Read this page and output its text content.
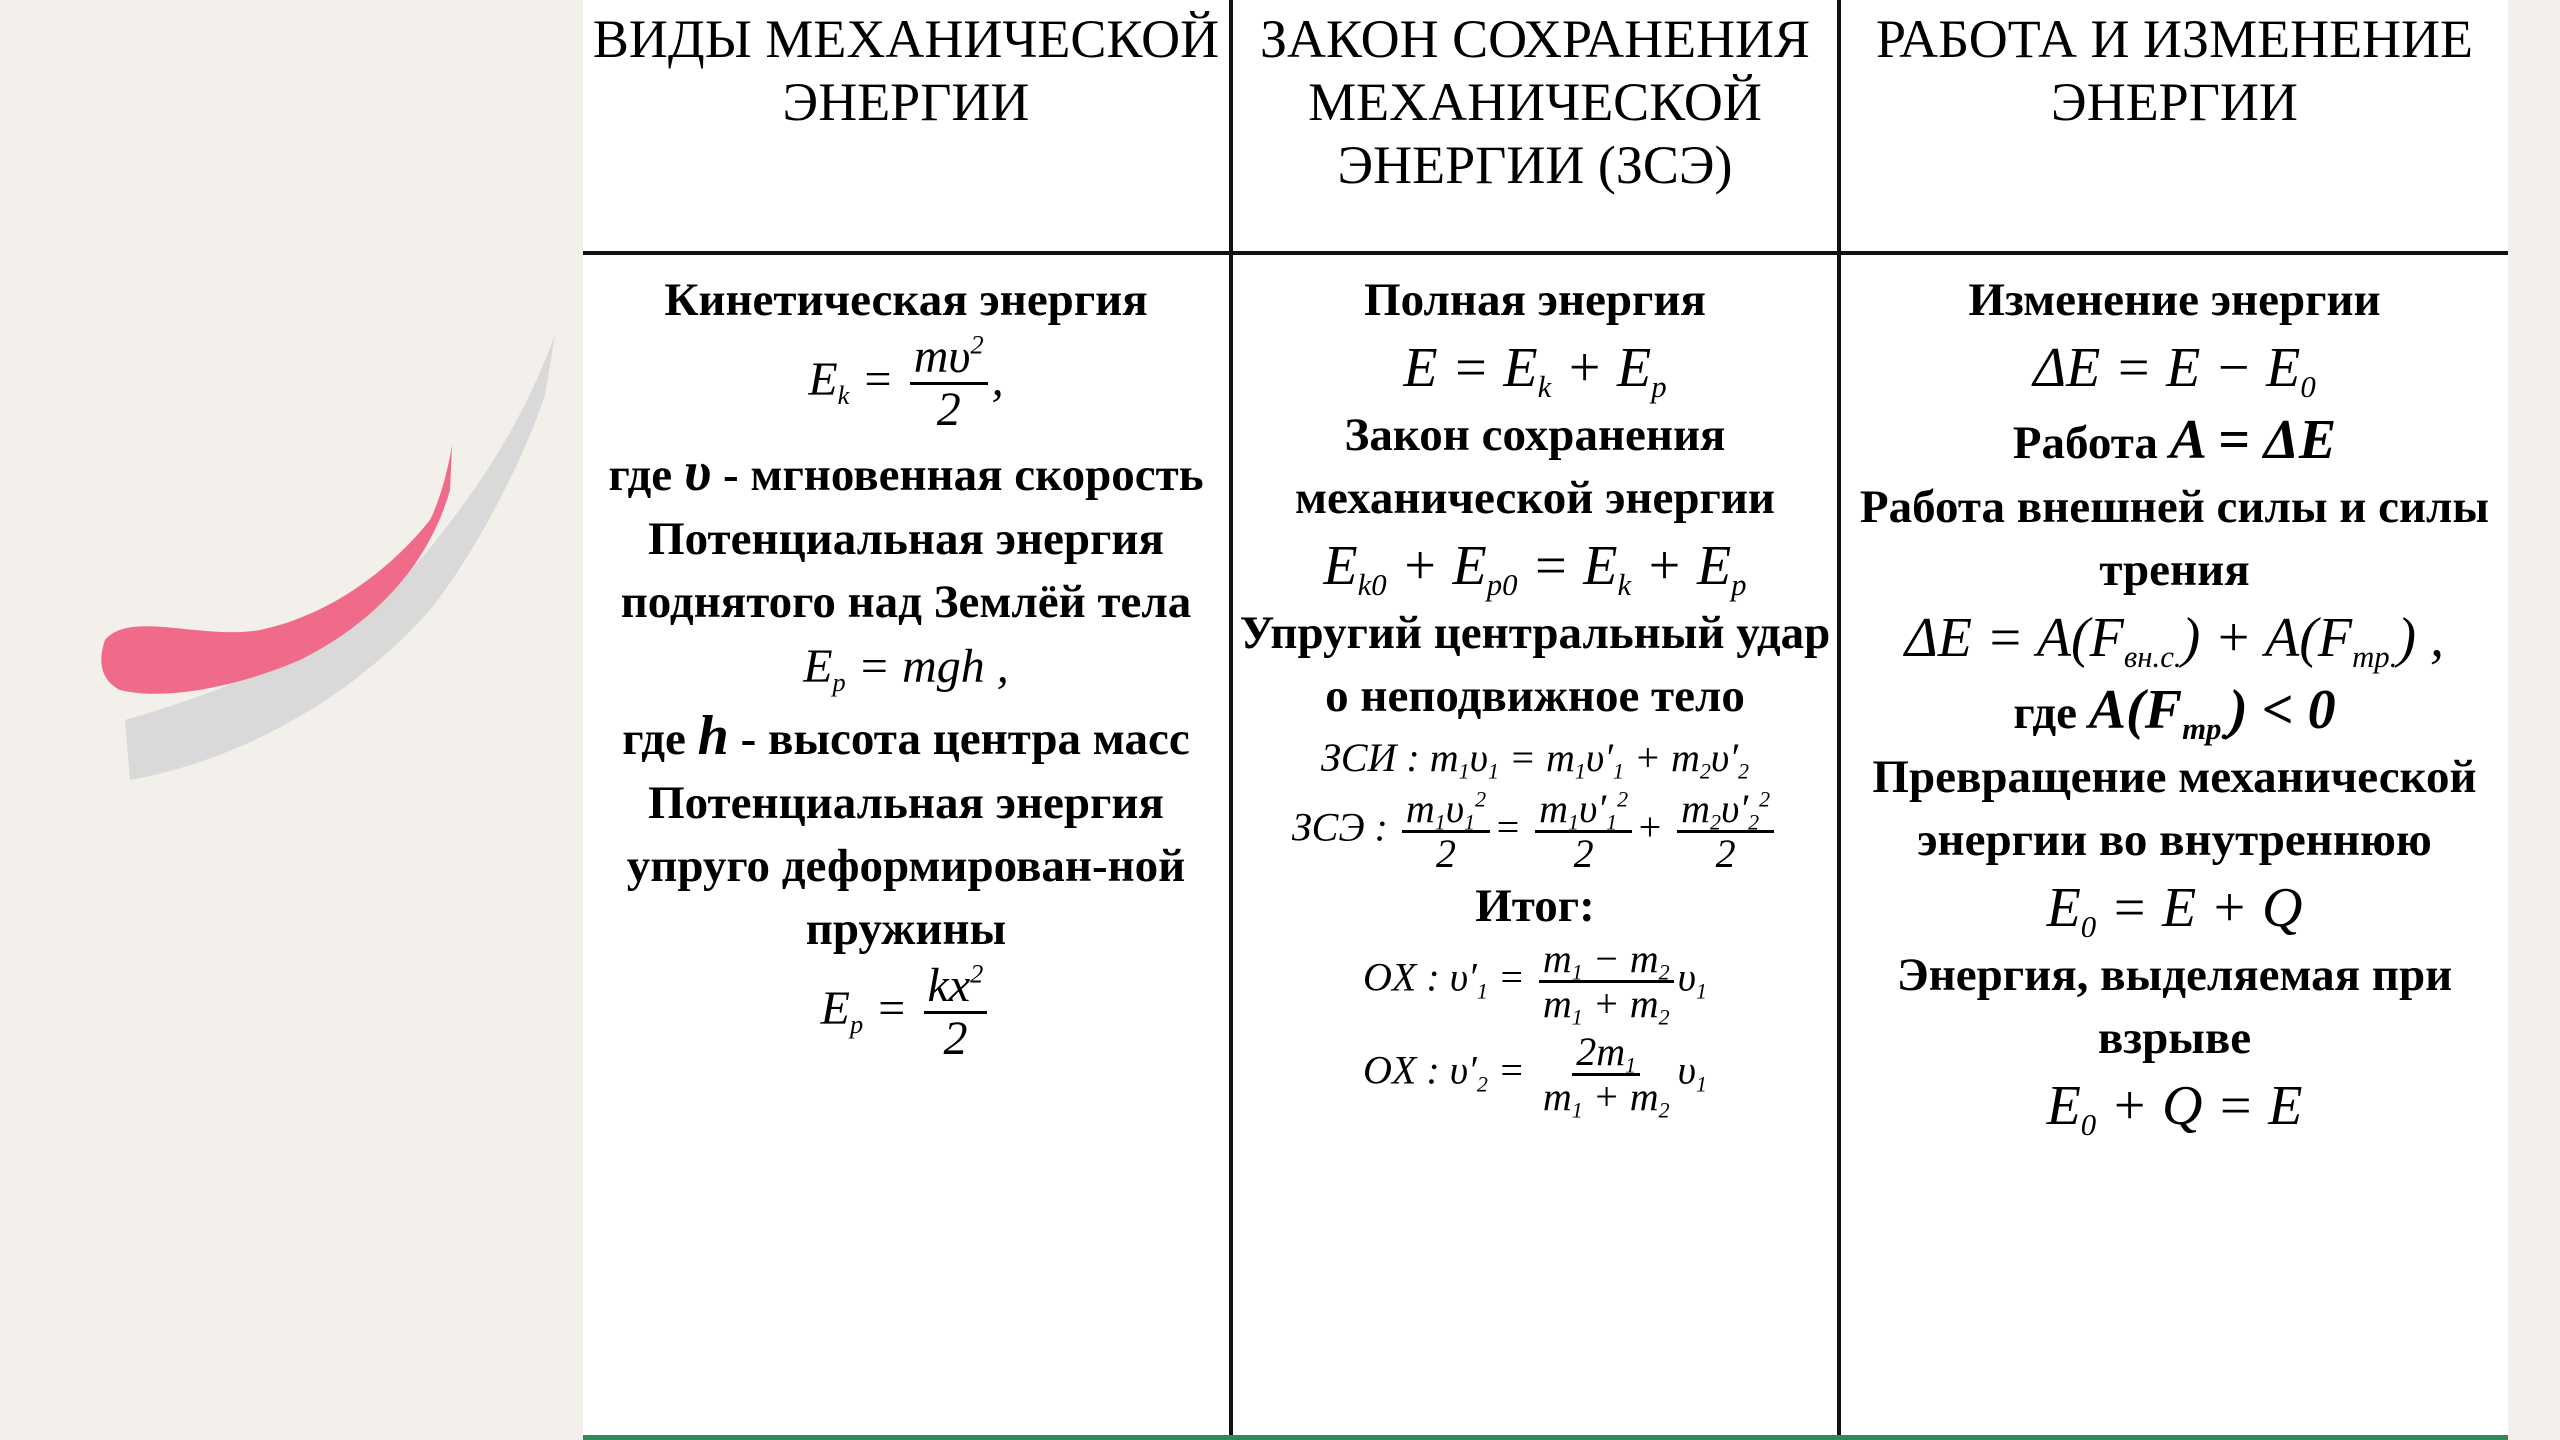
ВИДЫ МЕХАНИЧЕСКОЙ ЭНЕРГИИ
Кинетическая энергия
$E_k = \frac{m\upsilon^2}{2}$ ,
где υ - мгновенная скорость
Потенциальная энергия поднятого над Землёй тела
$E_p$ = mgh ,
где h - высота центра масс
Потенциальная энергия упруго деформирован-ной пружины
$E_p = \frac{kx^2}{2}$
ЗАКОН СОХРАНЕНИЯ МЕХАНИЧЕСКОЙ ЭНЕРГИИ (ЗСЭ)
Полная энергия
$E = E_k + E_p$
Закон сохранения механической энергии
$E_{k0} + E_{p0} = E_k + E_p$
Упругий центральный удар о неподвижное тело
ЗСИ : $m_1\upsilon_1 = m_1\upsilon'_1 + m_2\upsilon'_2$
ЗСЭ : $\frac{m_1\upsilon_1^2}{2} = \frac{m_1\upsilon'_1^2}{2} + \frac{m_2\upsilon'_2^2}{2}$
Итог:
OX : $\upsilon'_1 = \frac{m_1 - m_2}{m_1 + m_2} \upsilon_1$
OX : $\upsilon'_2 = \frac{2m_1}{m_1 + m_2} \upsilon_1$
РАБОТА И ИЗМЕНЕНИЕ ЭНЕРГИИ
Изменение энергии
$\Delta E = E - E_0$
Работа A = ΔE
Работа внешней силы и силы трения
$\Delta E = A(F_{вн.с.}) + A(F_{тр.})$ ,
где $A(F_{тр.}) < 0$
Превращение механической энергии во внутреннюю
$E_0 = E + Q$
Энергия, выделяемая при взрыве
$E_0 + Q = E$
